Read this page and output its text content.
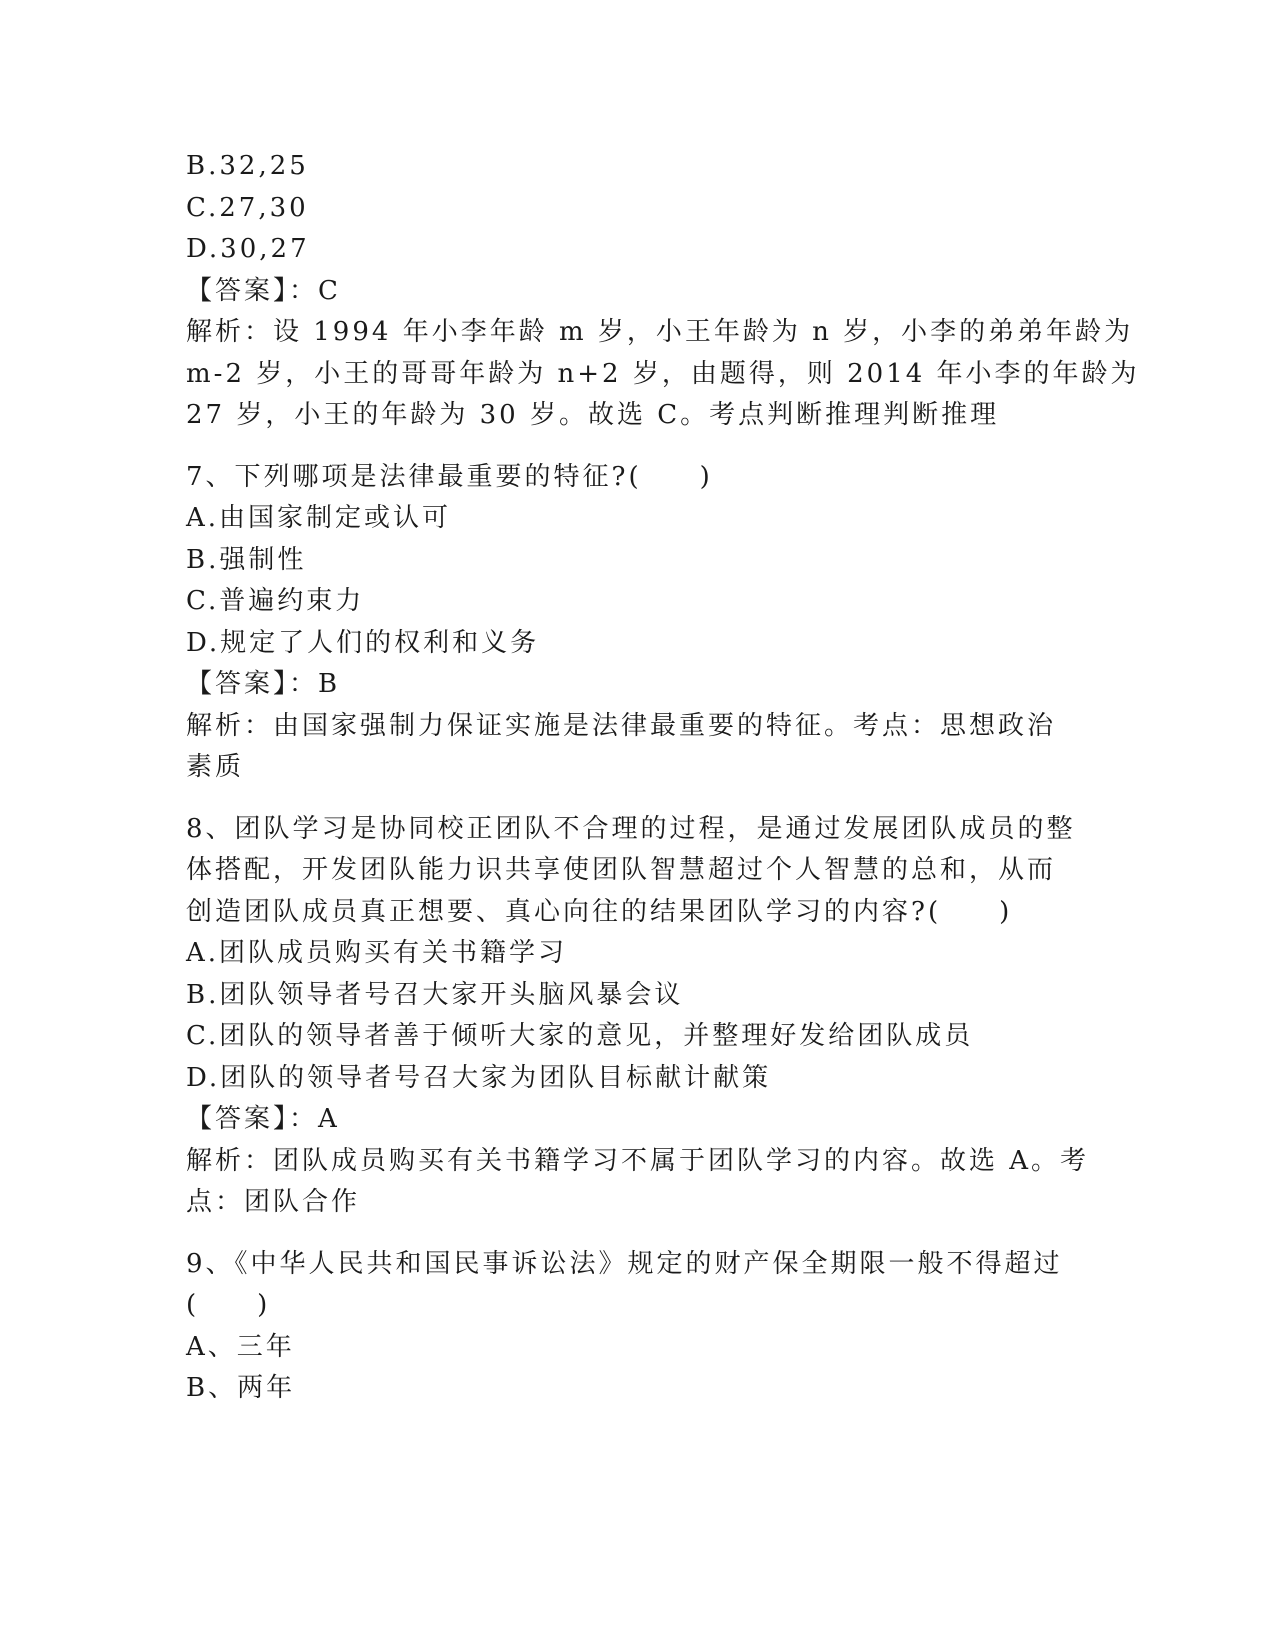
B.32,25
C.27,30
D.30,27
【答案】：C
解析：设 1994 年小李年龄 m 岁，小王年龄为 n 岁，小李的弟弟年龄为
m-2 岁，小王的哥哥年龄为 n+2 岁，由题得，则 2014 年小李的年龄为
27 岁，小王的年龄为 30 岁。故选 C。考点判断推理判断推理
7、下列哪项是法律最重要的特征?(　　)
A.由国家制定或认可
B.强制性
C.普遍约束力
D.规定了人们的权利和义务
【答案】：B
解析：由国家强制力保证实施是法律最重要的特征。考点：思想政治
素质
8、团队学习是协同校正团队不合理的过程，是通过发展团队成员的整
体搭配，开发团队能力识共享使团队智慧超过个人智慧的总和，从而
创造团队成员真正想要、真心向往的结果团队学习的内容?(　　)
A.团队成员购买有关书籍学习
B.团队领导者号召大家开头脑风暴会议
C.团队的领导者善于倾听大家的意见，并整理好发给团队成员
D.团队的领导者号召大家为团队目标献计献策
【答案】：A
解析：团队成员购买有关书籍学习不属于团队学习的内容。故选 A。考
点：团队合作
9、《中华人民共和国民事诉讼法》规定的财产保全期限一般不得超过
(　　)
A、三年
B、两年
